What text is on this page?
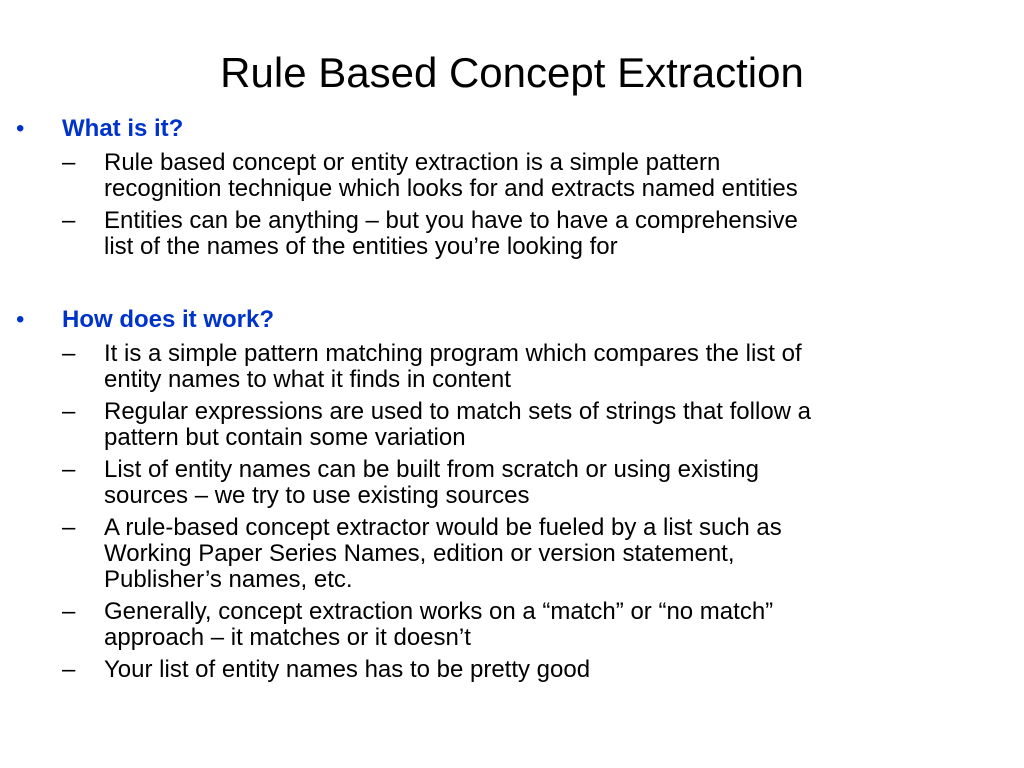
Rule Based Concept Extraction
• What is it?
– Rule based concept or entity extraction is a simple pattern
recognition technique which looks for and extracts named entities
– Entities can be anything – but you have to have a comprehensive
list of the names of the entities you’re looking for
• How does it work?
– It is a simple pattern matching program which compares the list of
entity names to what it finds in content
– Regular expressions are used to match sets of strings that follow a
pattern but contain some variation
– List of entity names can be built from scratch or using existing
sources – we try to use existing sources
– A rule-based concept extractor would be fueled by a list such as
Working Paper Series Names, edition or version statement,
Publisher’s names, etc.
– Generally, concept extraction works on a “match” or “no match”
approach – it matches or it doesn’t
– Your list of entity names has to be pretty good
